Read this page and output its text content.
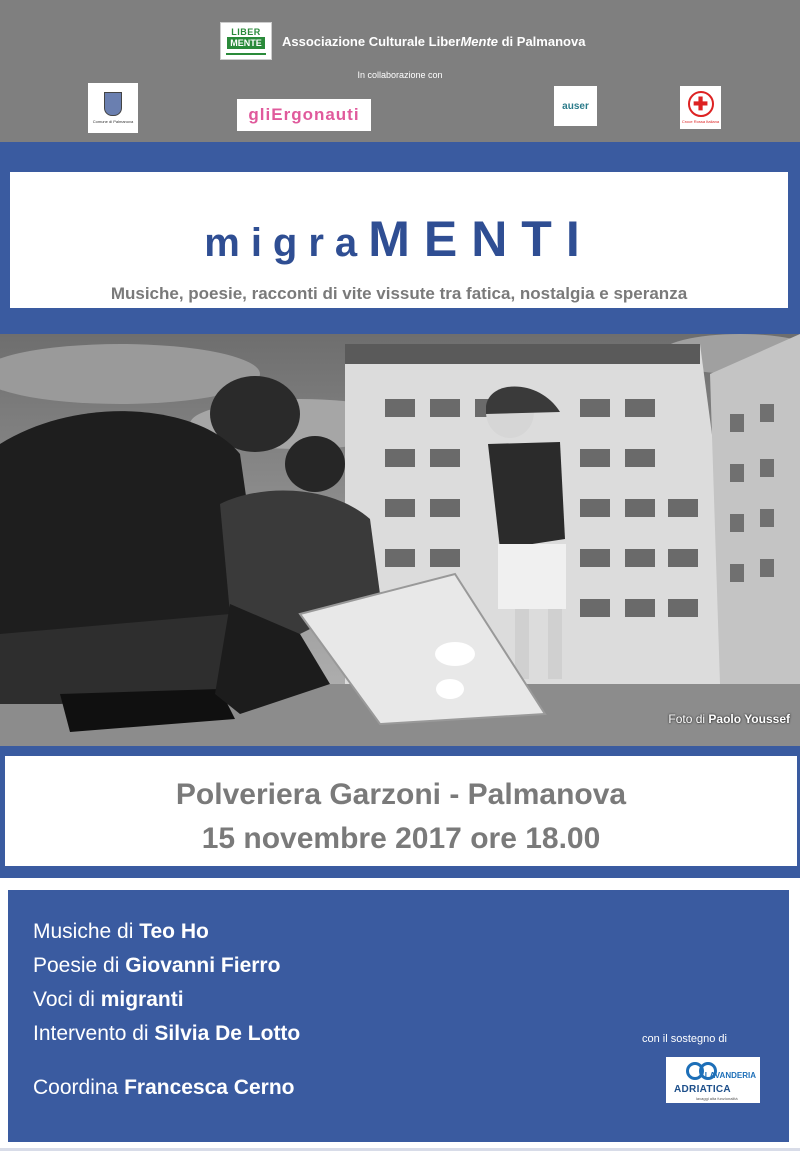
LIBER
MENTE Associazione Culturale LiberMente di Palmanova
In collaborazione con
Comune di Palmanova	gliErgonauti	auser	✚
Croce Rossa Italiana
migraMENTI
Musiche, poesie, racconti di vite vissute tra fatica, nostalgia e speranza
Foto di Paolo Youssef
Polveriera Garzoni - Palmanova
15 novembre 2017 ore 18.00
Musiche di Teo Ho
Poesie di Giovanni Fierro
Voci di migranti
Intervento di Silvia De Lotto
Coordina Francesca Cerno
con il sostegno di
LAVANDERIA
ADRIATICA
lavaggi alta funzionalità
